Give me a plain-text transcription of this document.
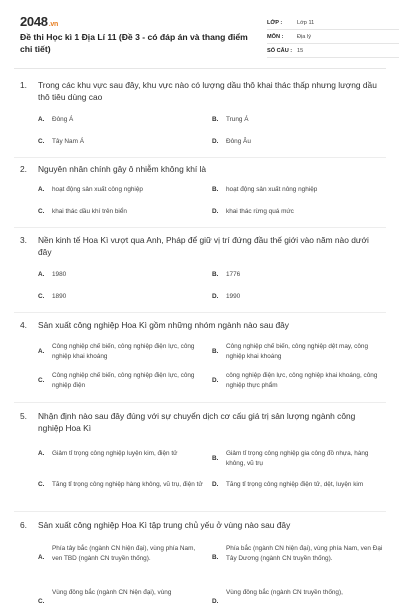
2048.vn
Đề thi Học kì 1 Địa Lí 11 (Đề 3 - có đáp án và thang điểm chi tiết)
LỚP :	Lớp 11
MÔN :	Địa lý
SỐ CÂU : 15
1.	Trong các khu vực sau đây, khu vực nào có lượng dầu thô khai thác thấp nhưng lượng dầu thô tiêu dùng cao
A.	Đông Á	B.	Trung Á
C.	Tây Nam Á	D.	Đông Âu
2.	Nguyên nhân chính gây ô nhiễm không khí là
A.	hoạt động sản xuất công nghiệp	B.	hoạt động sản xuất nông nghiệp
C.	khai thác dầu khí trên biển	D.	khai thác rừng quá mức
3.	Nền kinh tế Hoa Kì vượt qua Anh, Pháp để giữ vị trí đứng đầu thế giới vào năm nào dưới đây
A.	1980	B.	1776
C.	1890	D.	1990
4.	Sản xuất công nghiệp Hoa Kì gồm những nhóm ngành nào sau đây
A.
Công nghiệp chế biến, công nghiệp điện lực, công nghiệp khai khoáng
B.
Công nghiệp chế biến, công nghiệp dệt may, công nghiệp khai khoáng
C.
Công nghiệp chế biến, công nghiệp điện lực, công nghiệp điện
D.
công nghiệp điện lực, công nghiệp khai khoáng, công nghiệp thực phẩm
5.	Nhận định nào sau đây đúng với sự chuyển dịch cơ cấu giá trị sản lượng ngành công nghiệp Hoa Kì
A.	Giảm tỉ trọng công nghiệp luyện kim, điện tử
B.
Giảm tỉ trọng công nghiệp gia công đồ nhựa, hàng không, vũ trụ
C.	Tăng tỉ trọng công nghiệp hàng không, vũ trụ, điện tử	D.	Tăng tỉ trọng công nghiệp điện tử, dệt, luyện kim
6.	Sản xuất công nghiệp Hoa Kì tập trung chủ yếu ở vùng nào sau đây
A.
Phía tây bắc (ngành CN hiện đại), vùng phía Nam, ven TBD (ngành CN truyền thống).	B.
Phía bắc (ngành CN hiện đại), vùng phía Nam, ven Đại Tây Dương (ngành CN truyền thống).
C.
Vùng đông bắc (ngành CN hiện đại), vùng
D.
Vùng đông bắc (ngành CN truyền thống),
